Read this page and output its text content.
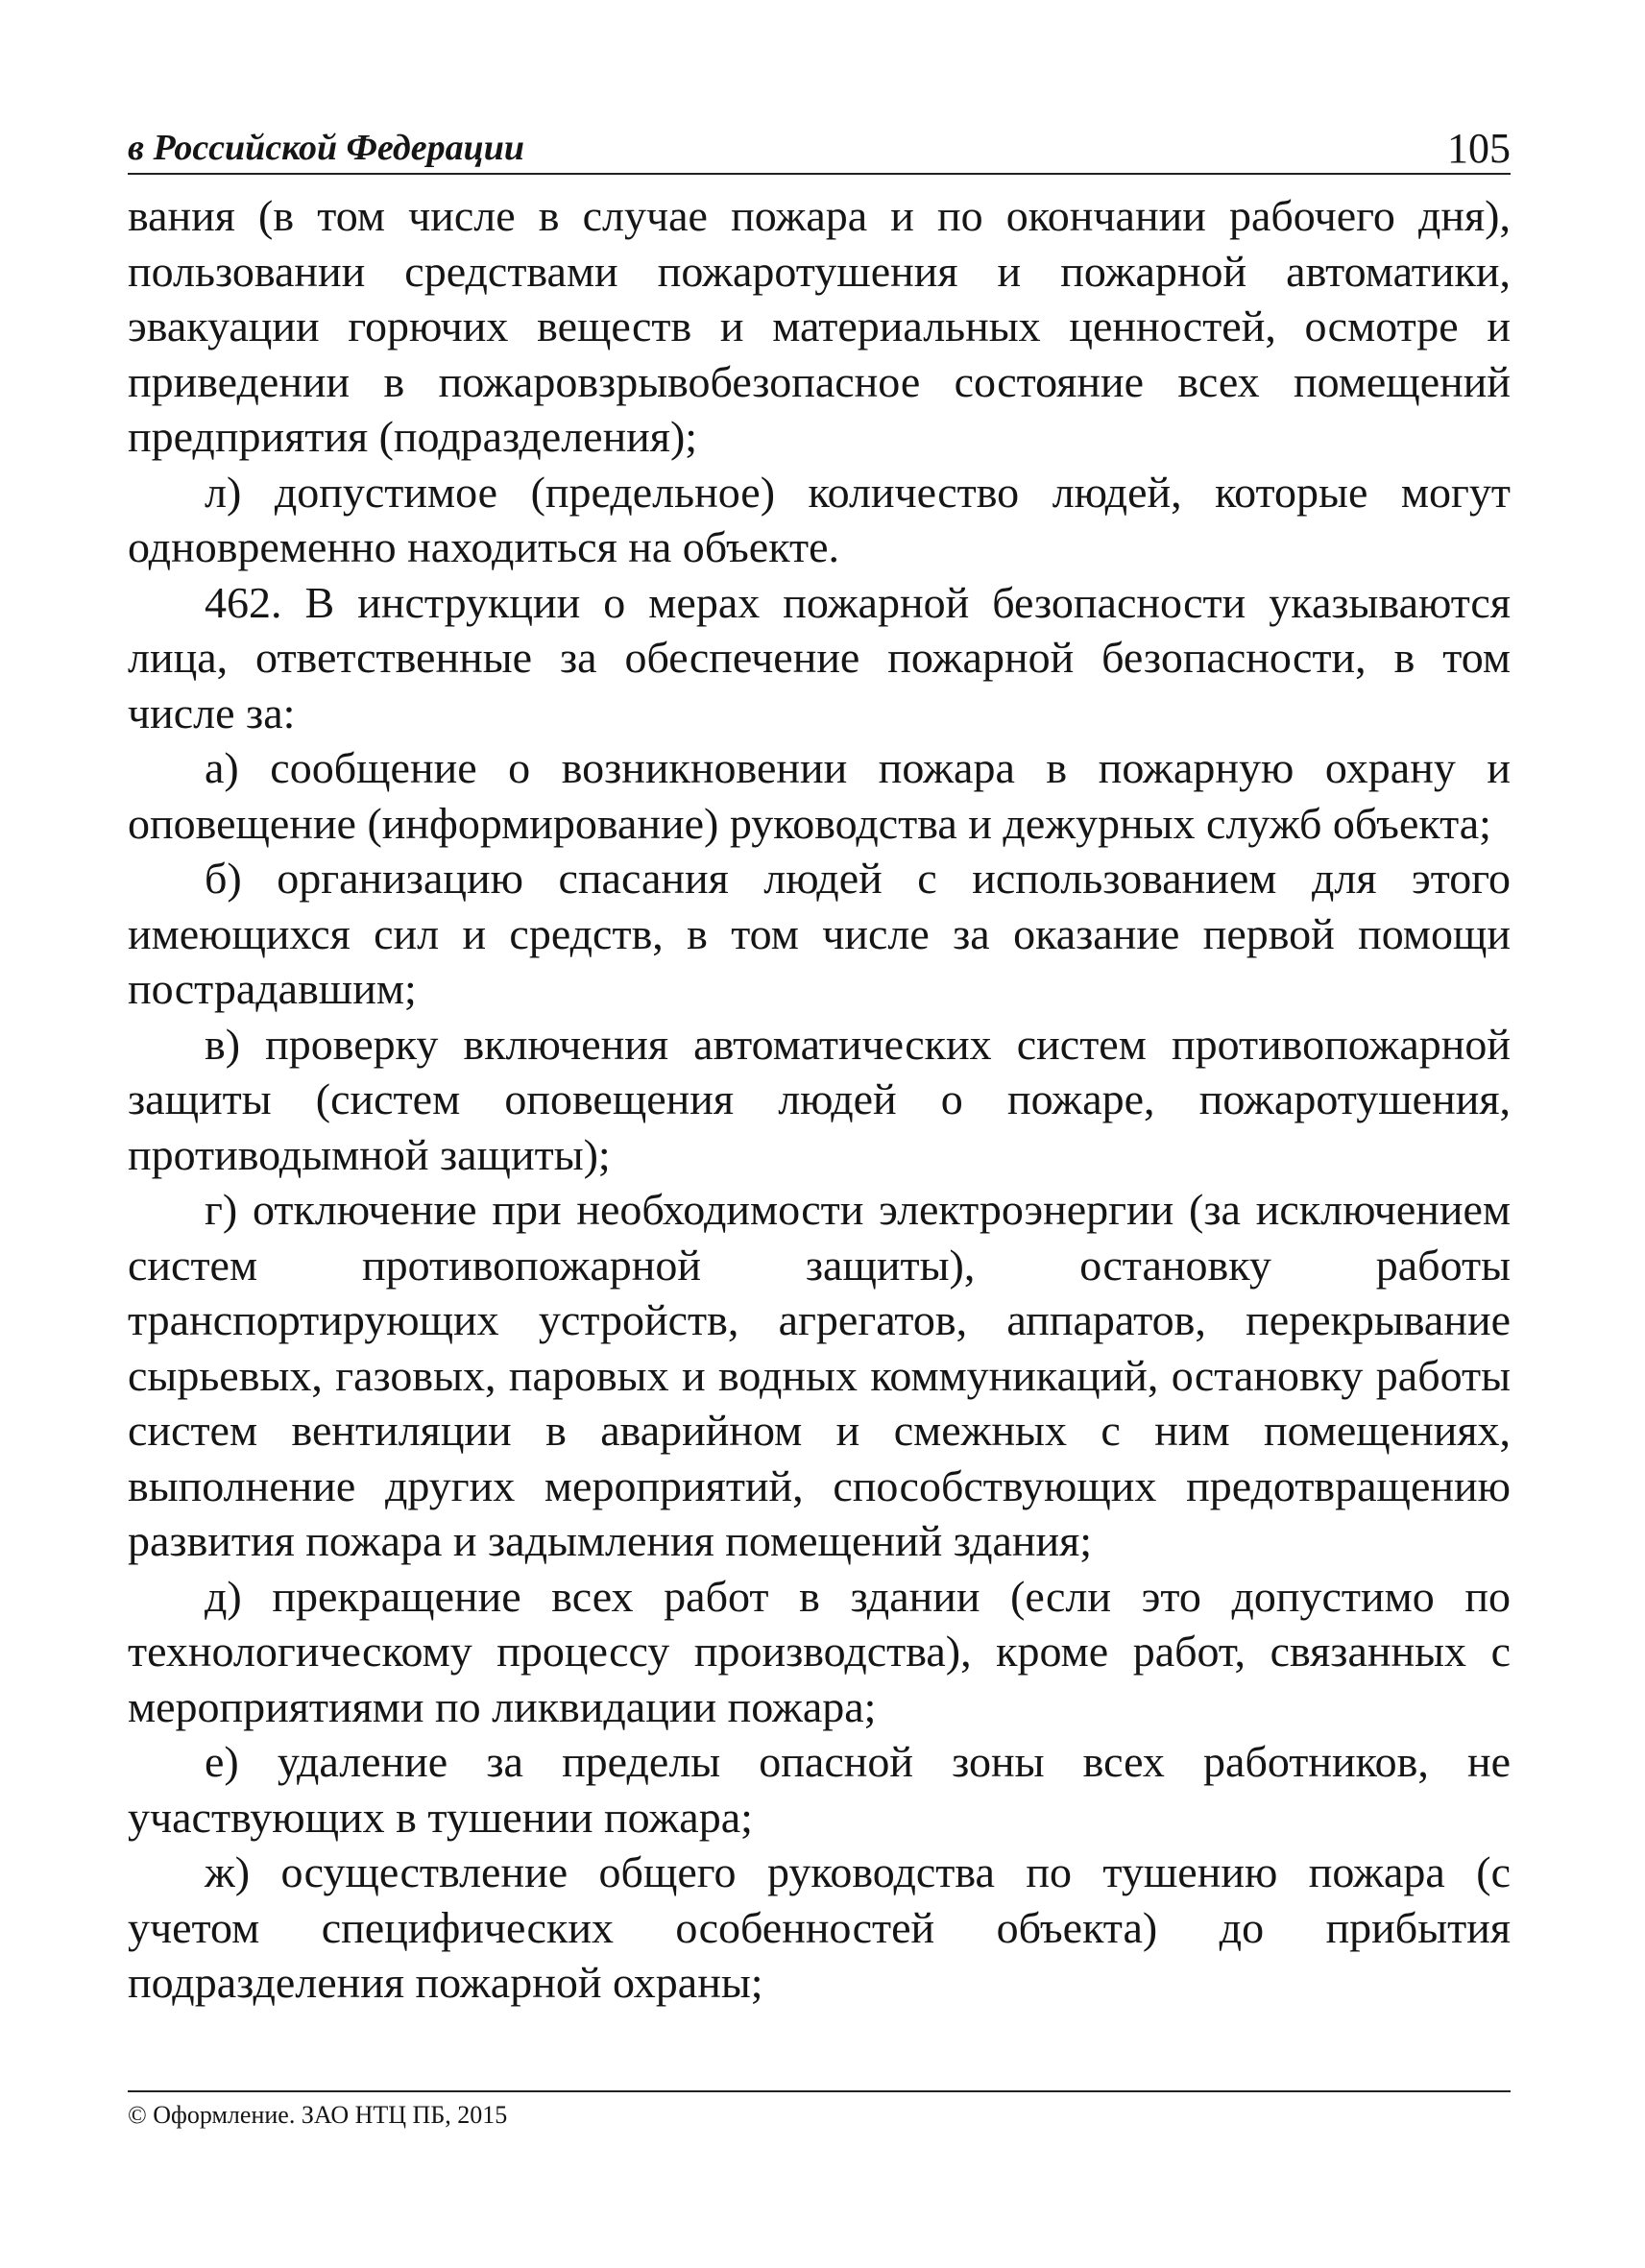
в Российской Федерации	105

вания (в том числе в случае пожара и по окончании рабочего дня), пользовании средствами пожаротушения и пожарной автоматики, эвакуации горючих веществ и материальных ценностей, осмотре и приведении в пожаровзрывобезопасное состояние всех помещений предприятия (подразделения);

л) допустимое (предельное) количество людей, которые могут одновременно находиться на объекте.

462. В инструкции о мерах пожарной безопасности указываются лица, ответственные за обеспечение пожарной безопасности, в том числе за:

а) сообщение о возникновении пожара в пожарную охрану и оповещение (информирование) руководства и дежурных служб объекта;

б) организацию спасания людей с использованием для этого имеющихся сил и средств, в том числе за оказание первой помощи пострадавшим;

в) проверку включения автоматических систем противопожарной защиты (систем оповещения людей о пожаре, пожаротушения, противодымной защиты);

г) отключение при необходимости электроэнергии (за исключением систем противопожарной защиты), остановку работы транспортирующих устройств, агрегатов, аппаратов, перекрывание сырьевых, газовых, паровых и водных коммуникаций, остановку работы систем вентиляции в аварийном и смежных с ним помещениях, выполнение других мероприятий, способствующих предотвращению развития пожара и задымления помещений здания;

д) прекращение всех работ в здании (если это допустимо по технологическому процессу производства), кроме работ, связанных с мероприятиями по ликвидации пожара;

е) удаление за пределы опасной зоны всех работников, не участвующих в тушении пожара;

ж) осуществление общего руководства по тушению пожара (с учетом специфических особенностей объекта) до прибытия подразделения пожарной охраны;

© Оформление. ЗАО НТЦ ПБ, 2015
